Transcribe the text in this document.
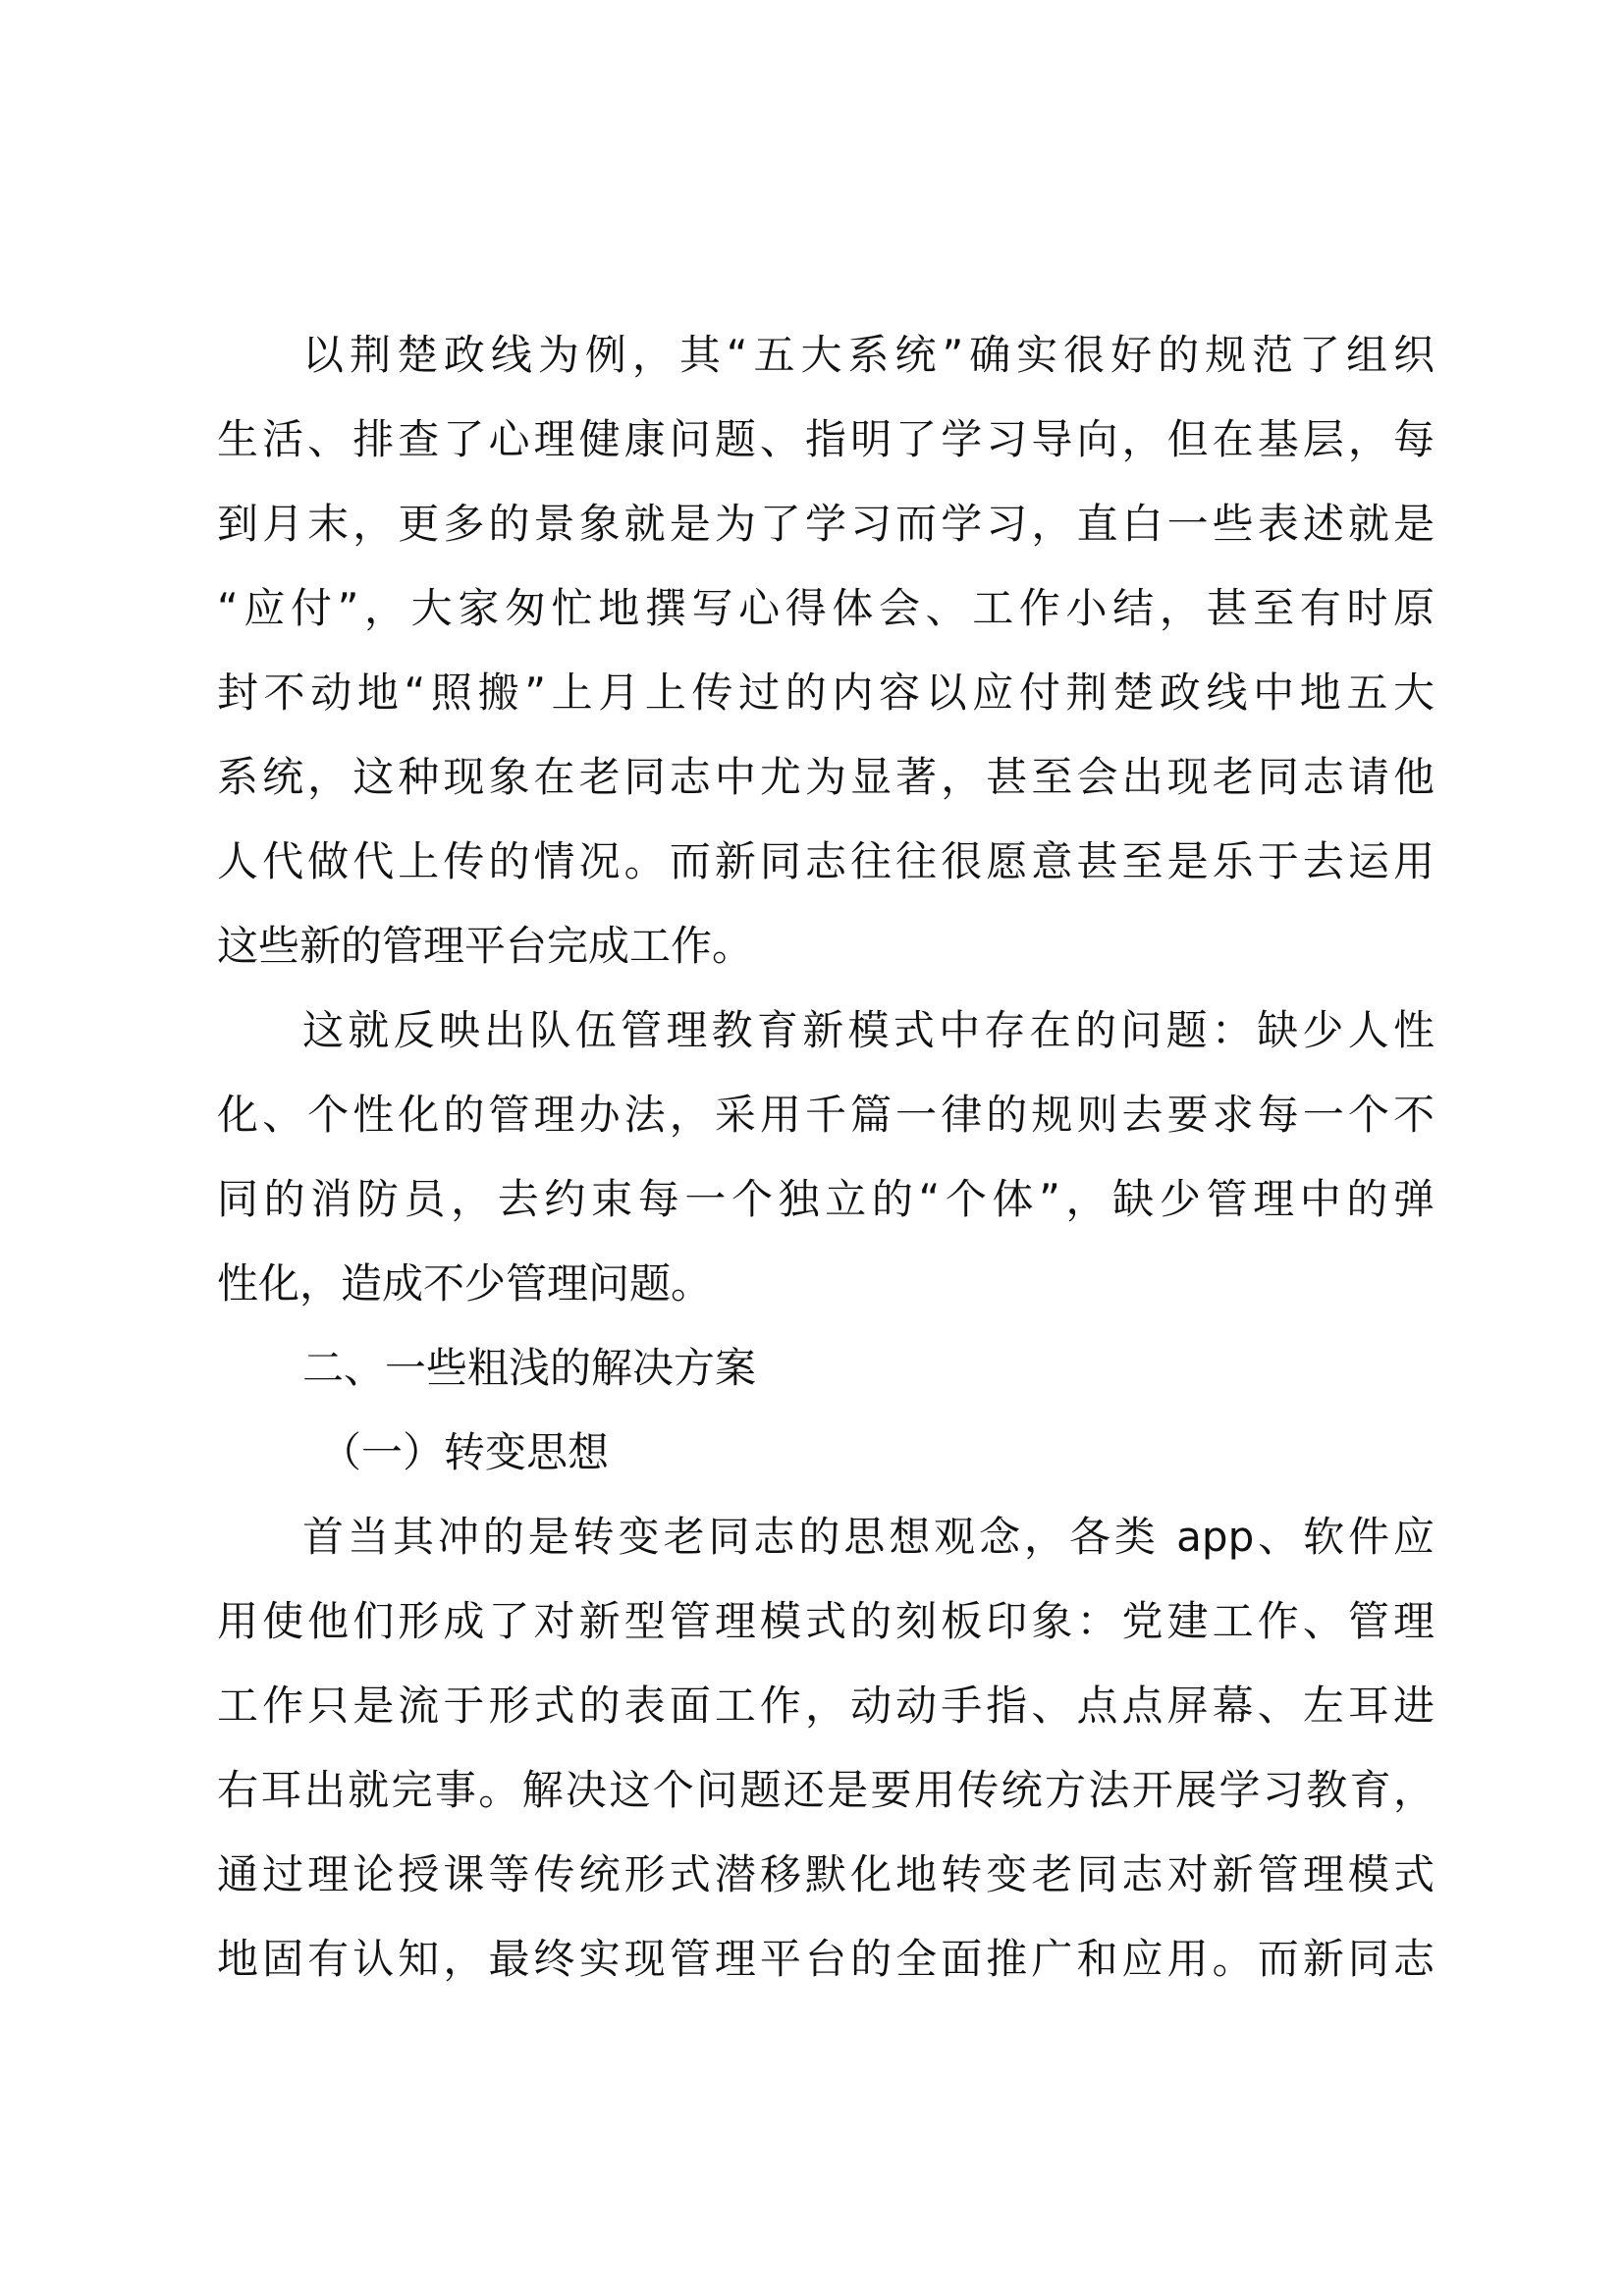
以荆楚政线为例，其“五大系统”确实很好的规范了组织
生活、排查了心理健康问题、指明了学习导向，但在基层，每
到月末，更多的景象就是为了学习而学习，直白一些表述就是
“应付”，大家匆忙地撰写心得体会、工作小结，甚至有时原
封不动地“照搬”上月上传过的内容以应付荆楚政线中地五大
系统，这种现象在老同志中尤为显著，甚至会出现老同志请他
人代做代上传的情况。而新同志往往很愿意甚至是乐于去运用
这些新的管理平台完成工作。
这就反映出队伍管理教育新模式中存在的问题：缺少人性
化、个性化的管理办法，采用千篇一律的规则去要求每一个不
同的消防员，去约束每一个独立的“个体”，缺少管理中的弹
性化，造成不少管理问题。
二、一些粗浅的解决方案
（一）转变思想
首当其冲的是转变老同志的思想观念，各类 app、软件应
用使他们形成了对新型管理模式的刻板印象：党建工作、管理
工作只是流于形式的表面工作，动动手指、点点屏幕、左耳进
右耳出就完事。解决这个问题还是要用传统方法开展学习教育，
通过理论授课等传统形式潜移默化地转变老同志对新管理模式
地固有认知，最终实现管理平台的全面推广和应用。而新同志
